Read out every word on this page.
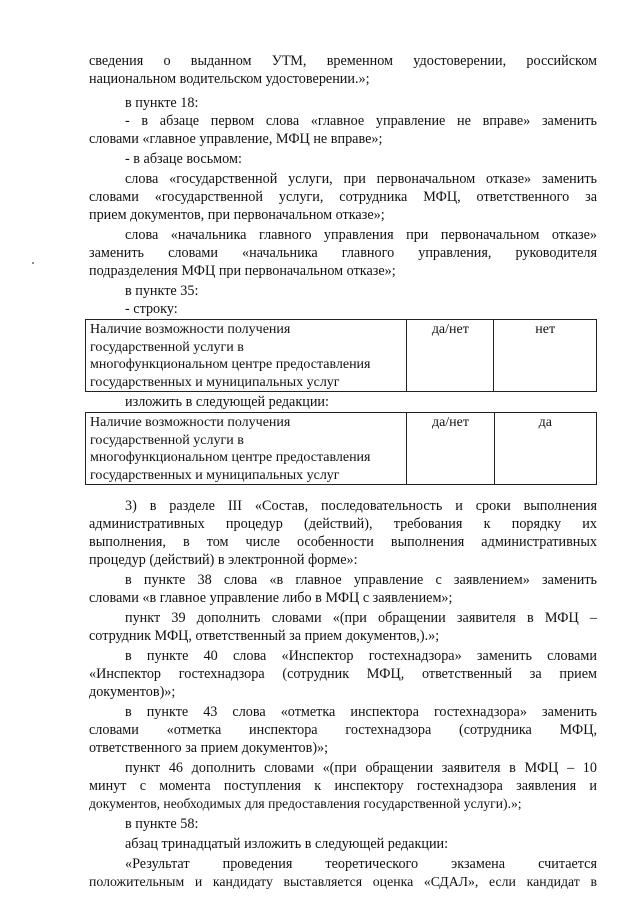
сведения о выданном УТМ, временном удостоверении, российском
национальном водительском удостоверении.»;
в пункте 18:
- в абзаце первом слова «главное управление не вправе» заменить
словами «главное управление, МФЦ не вправе»;
- в абзаце восьмом:
слова «государственной услуги, при первоначальном отказе» заменить
словами «государственной услуги, сотрудника МФЦ, ответственного за
прием документов, при первоначальном отказе»;
слова «начальника главного управления при первоначальном отказе»
заменить словами «начальника главного управления, руководителя
подразделения МФЦ при первоначальном отказе»;
в пункте 35:
- строку:
Наличие возможности получения
государственной услуги в
многофункциональном центре предоставления
государственных и муниципальных услуг
	да/нет	нет
изложить в следующей редакции:
Наличие возможности получения
государственной услуги в
многофункциональном центре предоставления
государственных и муниципальных услуг
	да/нет	да
3) в разделе III «Состав, последовательность и сроки выполнения
административных процедур (действий), требования к порядку их
выполнения, в том числе особенности выполнения административных
процедур (действий) в электронной форме»:
в пункте 38 слова «в главное управление с заявлением» заменить
словами «в главное управление либо в МФЦ с заявлением»;
пункт 39 дополнить словами «(при обращении заявителя в МФЦ –
сотрудник МФЦ, ответственный за прием документов,).»;
в пункте 40 слова «Инспектор гостехнадзора» заменить словами
«Инспектор гостехнадзора (сотрудник МФЦ, ответственный за прием
документов)»;
в пункте 43 слова «отметка инспектора гостехнадзора» заменить
словами «отметка инспектора гостехнадзора (сотрудника МФЦ,
ответственного за прием документов)»;
пункт 46 дополнить словами «(при обращении заявителя в МФЦ – 10
минут с момента поступления к инспектору гостехнадзора заявления и
документов, необходимых для предоставления государственной услуги).»;
в пункте 58:
абзац тринадцатый изложить в следующей редакции:
«Результат проведения теоретического экзамена считается
положительным и кандидату выставляется оценка «СДАЛ», если кандидат в
